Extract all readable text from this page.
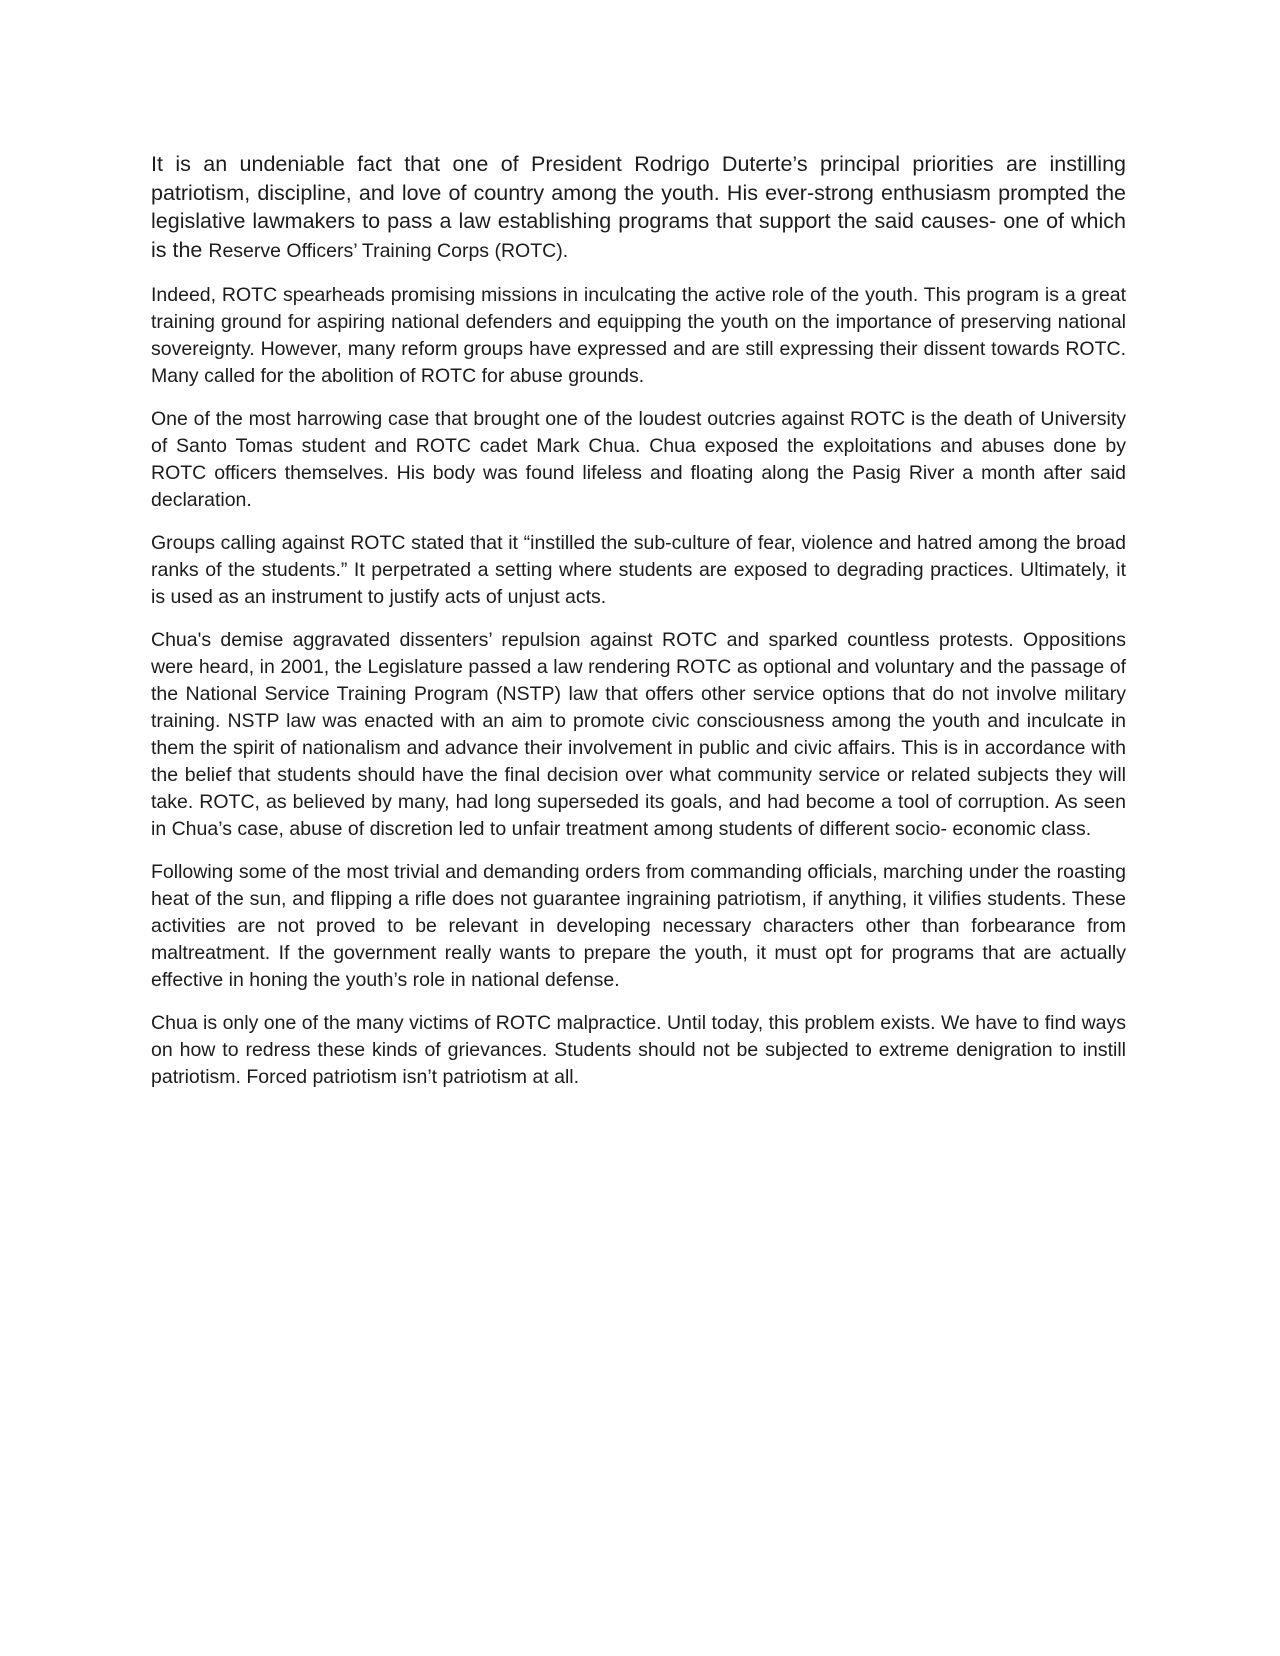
It is an undeniable fact that one of President Rodrigo Duterte’s principal priorities are instilling patriotism, discipline, and love of country among the youth. His ever-strong enthusiasm prompted the legislative lawmakers to pass a law establishing programs that support the said causes- one of which is the Reserve Officers’ Training Corps (ROTC).

Indeed, ROTC spearheads promising missions in inculcating the active role of the youth. This program is a great training ground for aspiring national defenders and equipping the youth on the importance of preserving national sovereignty. However, many reform groups have expressed and are still expressing their dissent towards ROTC. Many called for the abolition of ROTC for abuse grounds.

One of the most harrowing case that brought one of the loudest outcries against ROTC is the death of University of Santo Tomas student and ROTC cadet Mark Chua. Chua exposed the exploitations and abuses done by ROTC officers themselves. His body was found lifeless and floating along the Pasig River a month after said declaration.

Groups calling against ROTC stated that it “instilled the sub-culture of fear, violence and hatred among the broad ranks of the students.” It perpetrated a setting where students are exposed to degrading practices. Ultimately, it is used as an instrument to justify acts of unjust acts.

Chua's demise aggravated dissenters’ repulsion against ROTC and sparked countless protests. Oppositions were heard, in 2001, the Legislature passed a law rendering ROTC as optional and voluntary and the passage of the National Service Training Program (NSTP) law that offers other service options that do not involve military training. NSTP law was enacted with an aim to promote civic consciousness among the youth and inculcate in them the spirit of nationalism and advance their involvement in public and civic affairs. This is in accordance with the belief that students should have the final decision over what community service or related subjects they will take. ROTC, as believed by many, had long superseded its goals, and had become a tool of corruption. As seen in Chua’s case, abuse of discretion led to unfair treatment among students of different socio- economic class.

Following some of the most trivial and demanding orders from commanding officials, marching under the roasting heat of the sun, and flipping a rifle does not guarantee ingraining patriotism, if anything, it vilifies students. These activities are not proved to be relevant in developing necessary characters other than forbearance from maltreatment. If the government really wants to prepare the youth, it must opt for programs that are actually effective in honing the youth’s role in national defense.

Chua is only one of the many victims of ROTC malpractice. Until today, this problem exists. We have to find ways on how to redress these kinds of grievances. Students should not be subjected to extreme denigration to instill patriotism. Forced patriotism isn’t patriotism at all.
